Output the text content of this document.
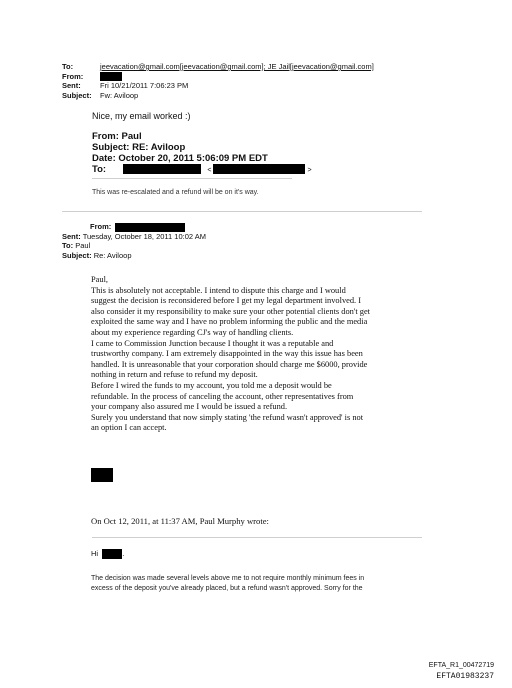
To:	jeevacation@gmail.com[jeevacation@gmail.com]; JE Jail[jeevacation@gmail.com]
From:
Sent:	Fri 10/21/2011 7:06:23 PM
Subject: Fw: Aviloop
Nice, my email worked :)
From: Paul
Subject: RE: Aviloop
Date: October 20, 2011 5:06:09 PM EDT
To:	<	>
This was re-escalated and a refund will be on it's way.
From:
Sent: Tuesday, October 18, 2011 10:02 AM
To: Paul
Subject: Re: Aviloop
Paul,
This is absolutely not acceptable. I intend to dispute this charge and I would
suggest the decision is reconsidered before I get my legal department involved. I
also consider it my responsibility to make sure your other potential clients don't get
exploited the same way and I have no problem informing the public and the media
about my experience regarding CJ's way of handling clients.
I came to Commission Junction because I thought it was a reputable and
trustworthy company. I am extremely disappointed in the way this issue has been
handled. It is unreasonable that your corporation should charge me $6000, provide
nothing in return and refuse to refund my deposit.
Before I wired the funds to my account, you told me a deposit would be
refundable. In the process of canceling the account, other representatives from
your company also assured me I would be issued a refund.
Surely you understand that now simply stating 'the refund wasn't approved' is not
an option I can accept.
On Oct 12, 2011, at 11:37 AM, Paul Murphy wrote:
Hi	.
The decision was made several levels above me to not require monthly minimum fees in
excess of the deposit you've already placed, but a refund wasn't approved. Sorry for the
EFTA_R1_00472719
EFTA01983237
